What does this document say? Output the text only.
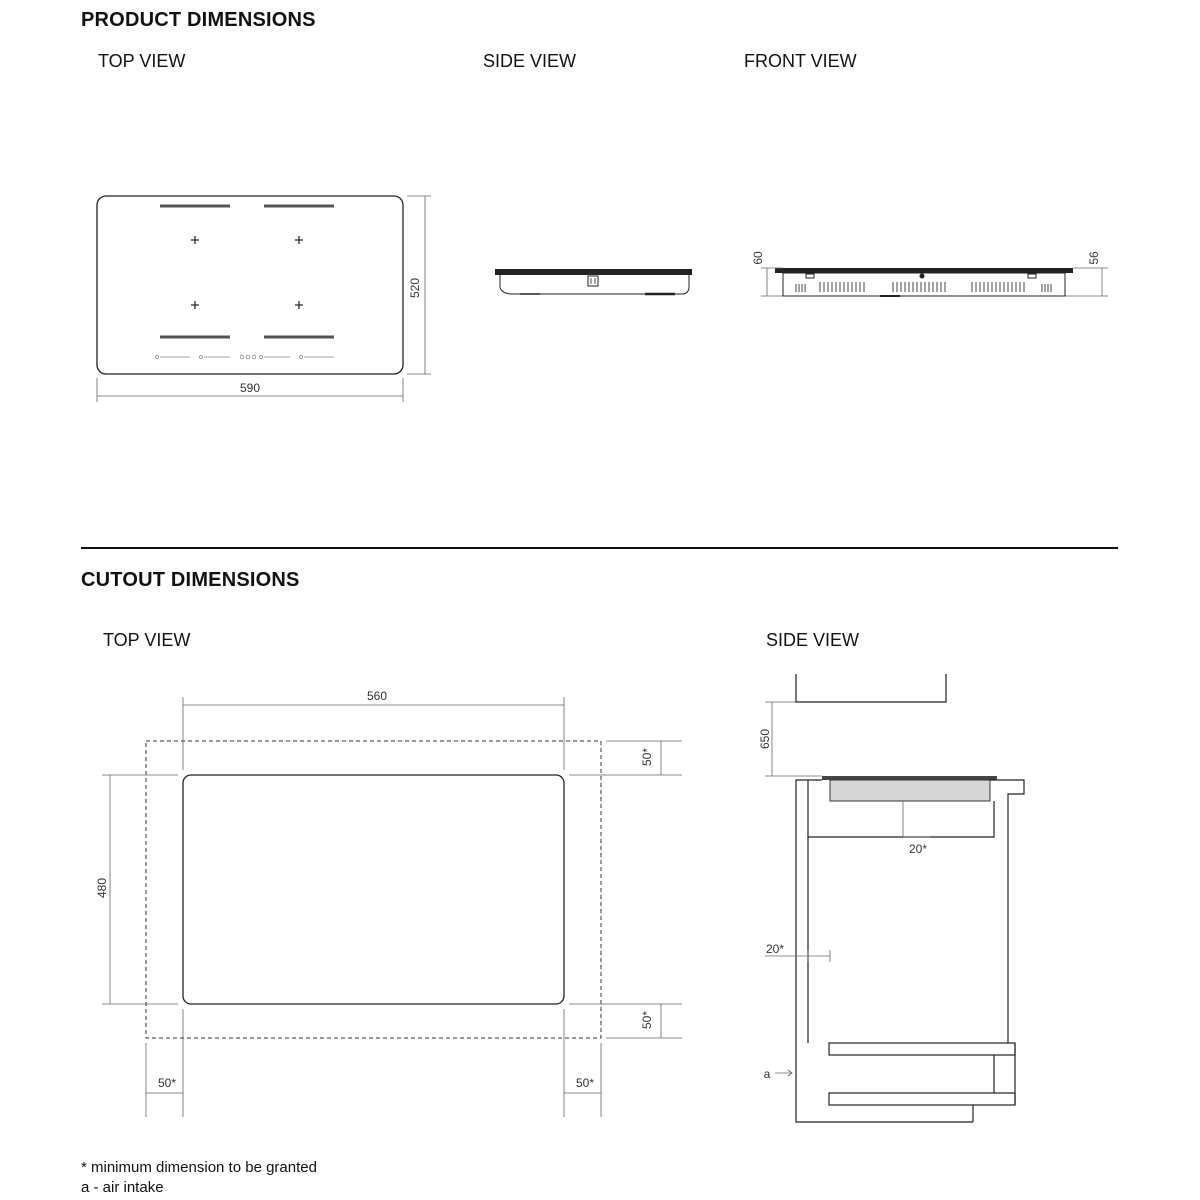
PRODUCT DIMENSIONS
TOP VIEW	SIDE VIEW	FRONT VIEW
CUTOUT DIMENSIONS
TOP VIEW	SIDE VIEW
* minimum dimension to be granted
a - air intake
590
520
60	56
560
480
50*
50*
50*	50*
650
20*
20*
a
